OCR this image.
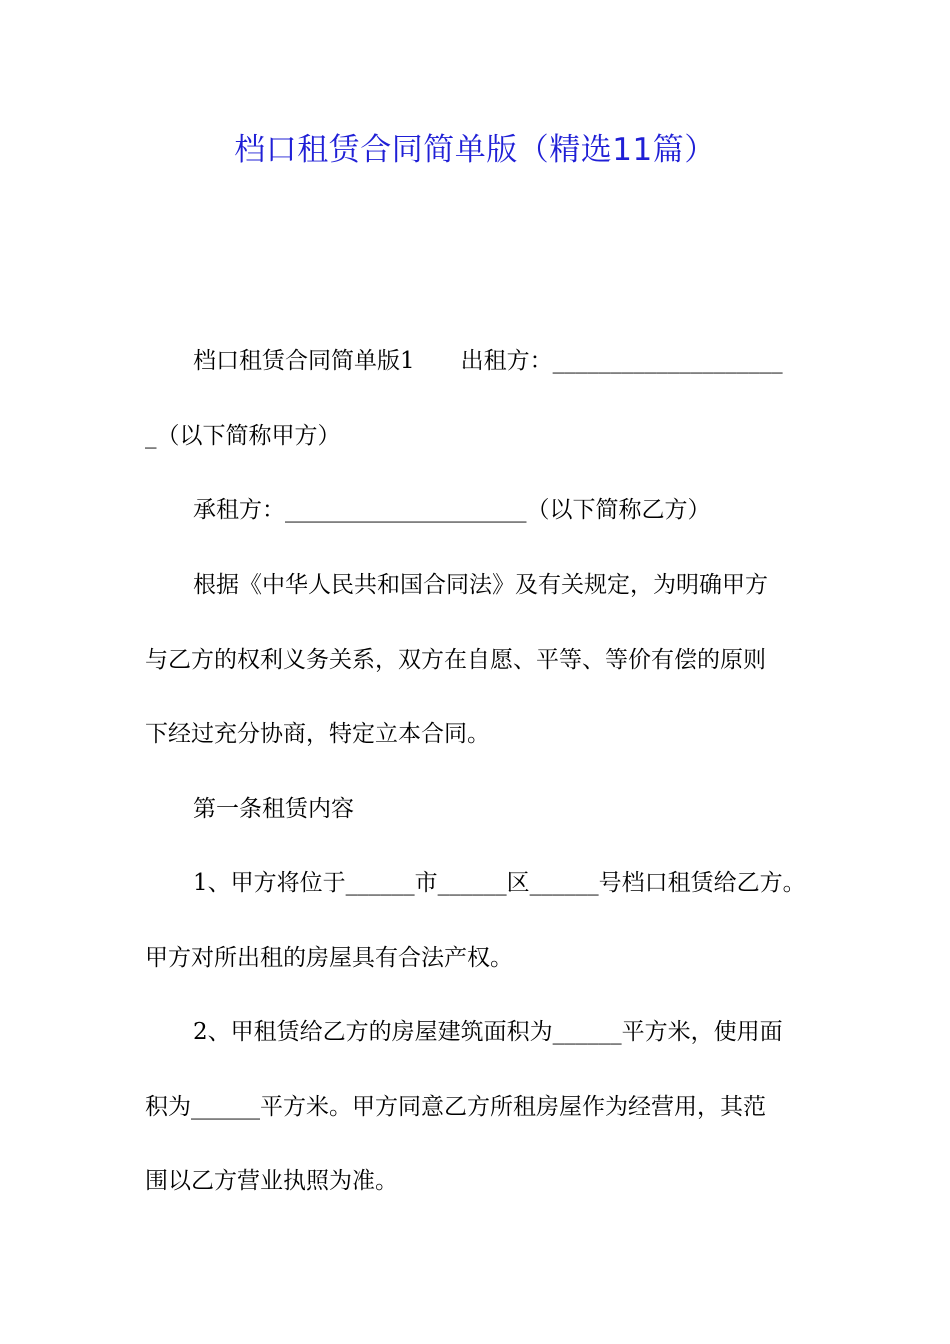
档口租赁合同简单版（精选11篇）

档口租赁合同简单版1　　出租方：____________________

_（以下简称甲方）

承租方：_____________________（以下简称乙方）

根据《中华人民共和国合同法》及有关规定，为明确甲方

与乙方的权利义务关系，双方在自愿、平等、等价有偿的原则

下经过充分协商，特定立本合同。

第一条租赁内容

1、甲方将位于______市______区______号档口租赁给乙方。

甲方对所出租的房屋具有合法产权。

2、甲租赁给乙方的房屋建筑面积为______平方米，使用面

积为______平方米。甲方同意乙方所租房屋作为经营用，其范

围以乙方营业执照为准。
